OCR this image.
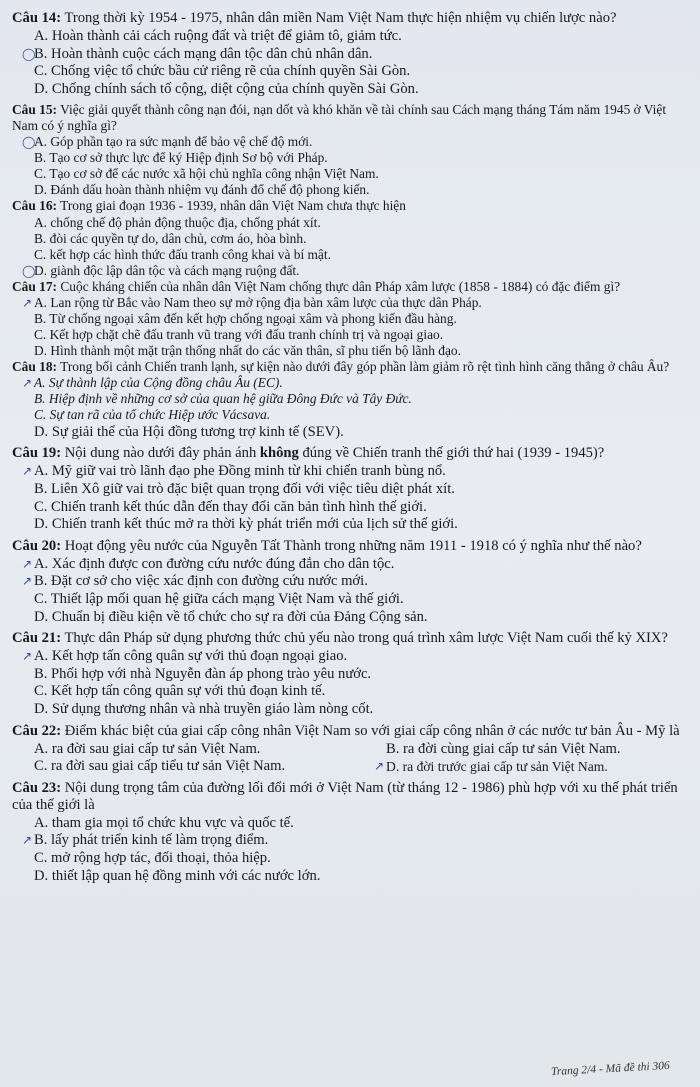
Câu 14: Trong thời kỳ 1954 - 1975, nhân dân miền Nam Việt Nam thực hiện nhiệm vụ chiến lược nào?

A. Hoàn thành cải cách ruộng đất và triệt để giảm tô, giảm tức.
◯
B. Hoàn thành cuộc cách mạng dân tộc dân chủ nhân dân.
C. Chống việc tổ chức bầu cử riêng rẽ của chính quyền Sài Gòn.
D. Chống chính sách tố cộng, diệt cộng của chính quyền Sài Gòn.

Câu 15: Việc giải quyết thành công nạn đói, nạn dốt và khó khăn về tài chính sau Cách mạng tháng Tám năm 1945 ở Việt Nam có ý nghĩa gì?

◯
A. Góp phần tạo ra sức mạnh để bảo vệ chế độ mới.
B. Tạo cơ sở thực lực để ký Hiệp định Sơ bộ với Pháp.
C. Tạo cơ sở để các nước xã hội chủ nghĩa công nhận Việt Nam.
D. Đánh dấu hoàn thành nhiệm vụ đánh đổ chế độ phong kiến.

Câu 16: Trong giai đoạn 1936 - 1939, nhân dân Việt Nam chưa thực hiện

A. chống chế độ phản động thuộc địa, chống phát xít.
B. đòi các quyền tự do, dân chủ, cơm áo, hòa bình.
C. kết hợp các hình thức đấu tranh công khai và bí mật.
◯
D. giành độc lập dân tộc và cách mạng ruộng đất.

Câu 17: Cuộc kháng chiến của nhân dân Việt Nam chống thực dân Pháp xâm lược (1858 - 1884) có đặc điểm gì?

↗ A. Lan rộng từ Bắc vào Nam theo sự mở rộng địa bàn xâm lược của thực dân Pháp.
B. Từ chống ngoại xâm đến kết hợp chống ngoại xâm và phong kiến đầu hàng.
C. Kết hợp chặt chẽ đấu tranh vũ trang với đấu tranh chính trị và ngoại giao.
D. Hình thành một mặt trận thống nhất do các văn thân, sĩ phu tiến bộ lãnh đạo.

Câu 18: Trong bối cảnh Chiến tranh lạnh, sự kiện nào dưới đây góp phần làm giảm rõ rệt tình hình căng thẳng ở châu Âu?

↗ A. Sự thành lập của Cộng đồng châu Âu (EC).
B. Hiệp định về những cơ sở của quan hệ giữa Đông Đức và Tây Đức.
C. Sự tan rã của tổ chức Hiệp ước Vácsava.
D. Sự giải thể của Hội đồng tương trợ kinh tế (SEV).

Câu 19: Nội dung nào dưới đây phản ánh không đúng về Chiến tranh thế giới thứ hai (1939 - 1945)?

↗ A. Mỹ giữ vai trò lãnh đạo phe Đồng minh từ khi chiến tranh bùng nổ.
B. Liên Xô giữ vai trò đặc biệt quan trọng đối với việc tiêu diệt phát xít.
C. Chiến tranh kết thúc dẫn đến thay đổi căn bản tình hình thế giới.
D. Chiến tranh kết thúc mở ra thời kỳ phát triển mới của lịch sử thế giới.

Câu 20: Hoạt động yêu nước của Nguyễn Tất Thành trong những năm 1911 - 1918 có ý nghĩa như thế nào?

↗ A. Xác định được con đường cứu nước đúng đắn cho dân tộc.
↗ B. Đặt cơ sở cho việc xác định con đường cứu nước mới.
C. Thiết lập mối quan hệ giữa cách mạng Việt Nam và thế giới.
D. Chuẩn bị điều kiện về tổ chức cho sự ra đời của Đảng Cộng sản.

Câu 21: Thực dân Pháp sử dụng phương thức chủ yếu nào trong quá trình xâm lược Việt Nam cuối thế kỷ XIX?

↗ A. Kết hợp tấn công quân sự với thủ đoạn ngoại giao.
B. Phối hợp với nhà Nguyễn đàn áp phong trào yêu nước.
C. Kết hợp tấn công quân sự với thủ đoạn kinh tế.
D. Sử dụng thương nhân và nhà truyền giáo làm nòng cốt.

Câu 22: Điểm khác biệt của giai cấp công nhân Việt Nam so với giai cấp công nhân ở các nước tư bản Âu - Mỹ là

A. ra đời sau giai cấp tư sản Việt Nam.	B. ra đời cùng giai cấp tư sản Việt Nam.
C. ra đời sau giai cấp tiểu tư sản Việt Nam.	↗ D. ra đời trước giai cấp tư sản Việt Nam.

Câu 23: Nội dung trọng tâm của đường lối đổi mới ở Việt Nam (từ tháng 12 - 1986) phù hợp với xu thế phát triển của thế giới là

A. tham gia mọi tổ chức khu vực và quốc tế.
↗ B. lấy phát triển kinh tế làm trọng điểm.
C. mở rộng hợp tác, đối thoại, thỏa hiệp.
D. thiết lập quan hệ đồng minh với các nước lớn.
Trang 2/4 - Mã đề thi 306
